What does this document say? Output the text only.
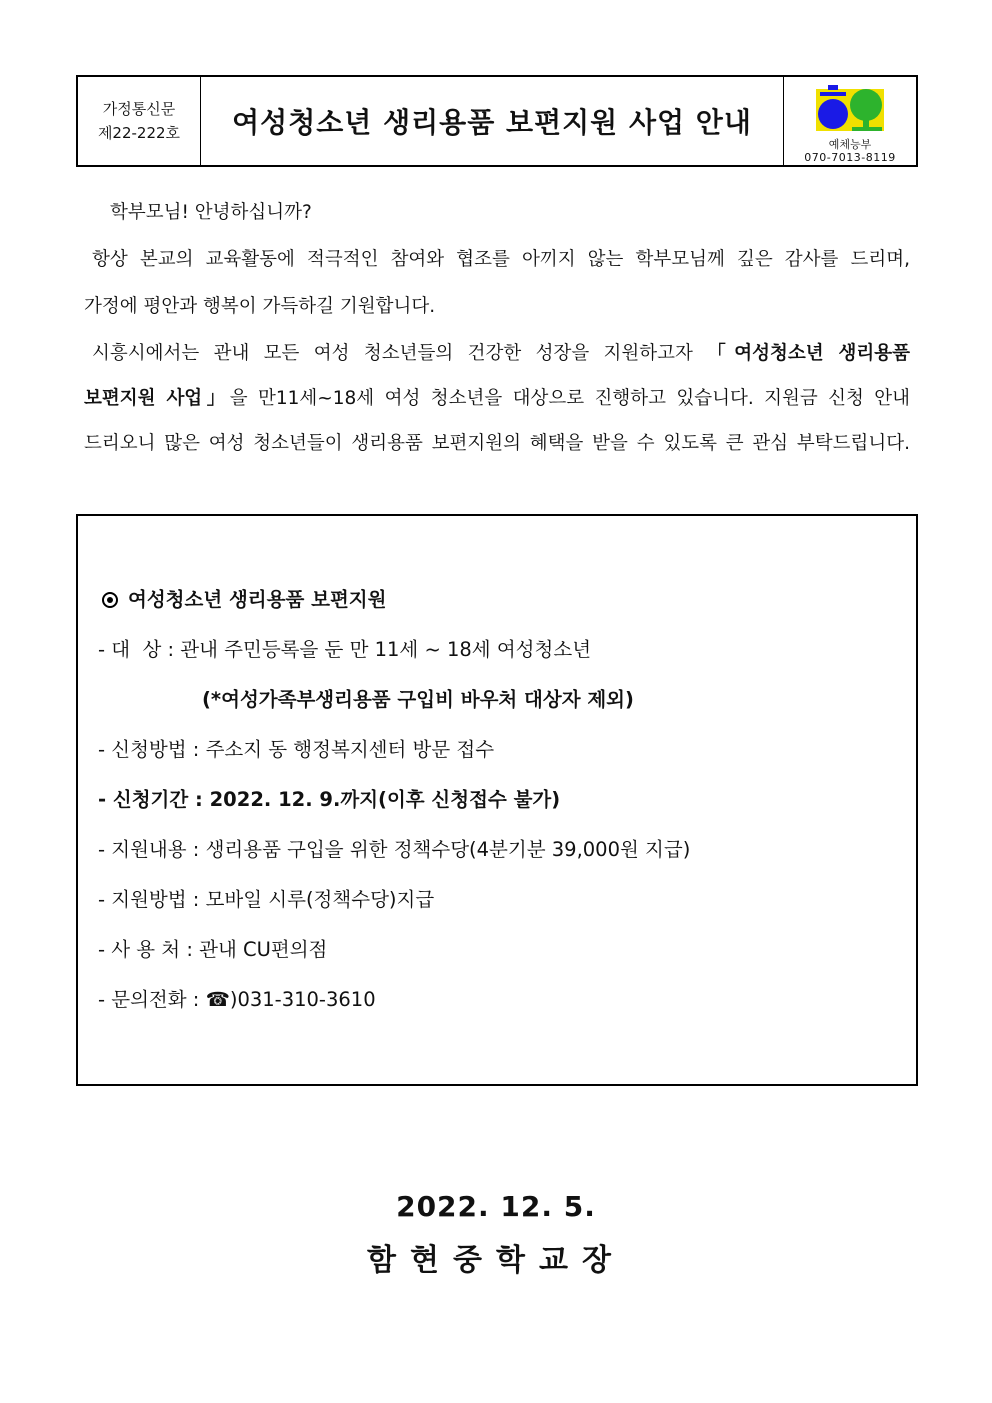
가정통신문
제22-222호	여성청소년 생리용품 보편지원 사업 안내
예체능부
070-7013-8119
학부모님! 안녕하십니까?
항상 본교의 교육활동에 적극적인 참여와 협조를 아끼지 않는 학부모님께 깊은 감사를 드리며,
가정에 평안과 행복이 가득하길 기원합니다.
시흥시에서는 관내 모든 여성 청소년들의 건강한 성장을 지원하고자 「여성청소년 생리용품
보편지원 사업」을 만11세~18세 여성 청소년을 대상으로 진행하고 있습니다. 지원금 신청 안내
드리오니 많은 여성 청소년들이 생리용품 보편지원의 혜택을 받을 수 있도록 큰 관심 부탁드립니다.
여성청소년 생리용품 보편지원
- 대  상 : 관내 주민등록을 둔 만 11세 ~ 18세 여성청소년
(*여성가족부생리용품 구입비 바우처 대상자 제외)
- 신청방법 : 주소지 동 행정복지센터 방문 접수
- 신청기간 : 2022. 12. 9.까지(이후 신청접수 불가)
- 지원내용 : 생리용품 구입을 위한 정책수당(4분기분 39,000원 지급)
- 지원방법 : 모바일 시루(정책수당)지급
- 사 용 처 : 관내 CU편의점
- 문의전화 : ☎)031-310-3610
2022. 12. 5.
함현중학교장
